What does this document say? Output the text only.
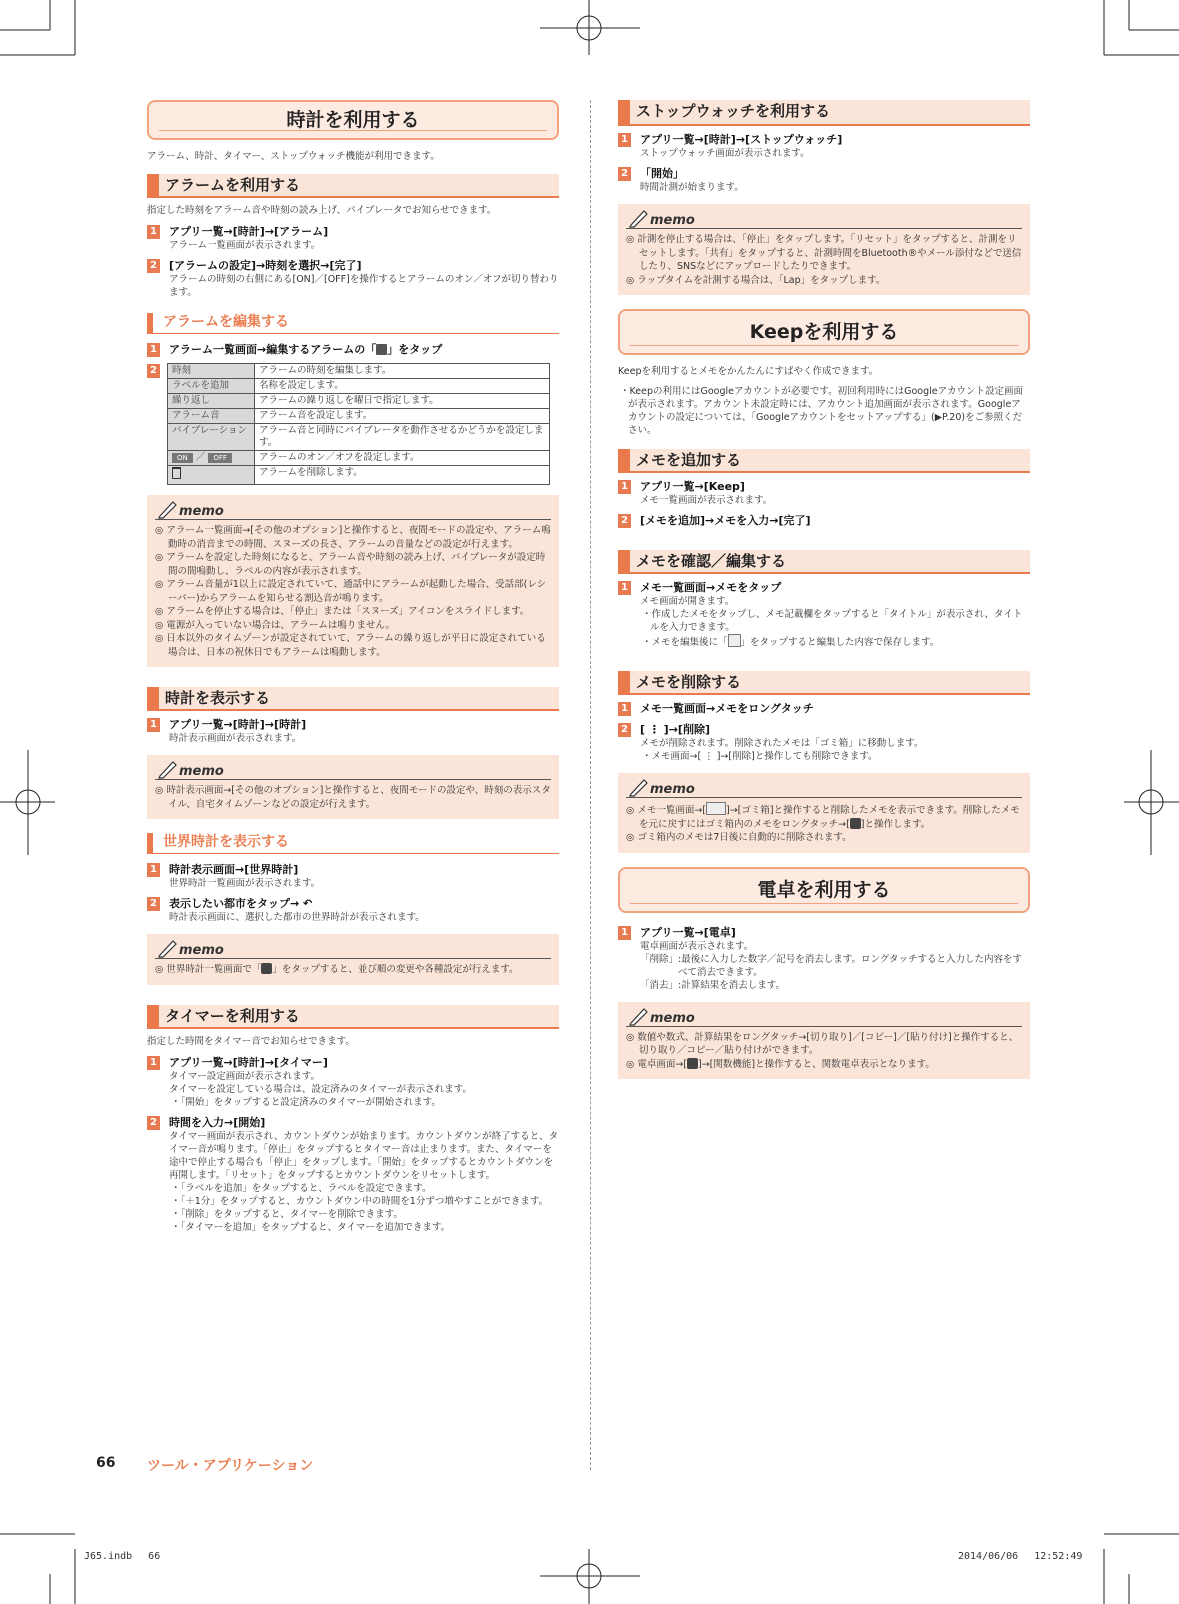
時計を利用する
アラーム、時計、タイマー、ストップウォッチ機能が利用できます。
アラームを利用する
指定した時刻をアラーム音や時刻の読み上げ、バイブレータでお知らせできます。
1 アプリ一覧→[時計]→[アラーム]
アラーム一覧画面が表示されます。
2 [アラームの設定]→時刻を選択→[完了]
アラームの時刻の右側にある[ON]／[OFF]を操作するとアラームのオン／オフが切り替わります。
アラームを編集する
1 アラーム一覧画面→編集するアラームの「 」をタップ
2	時刻	アラームの時刻を編集します。
ラベルを追加	名称を設定します。
繰り返し	アラームの繰り返しを曜日で指定します。
アラーム音	アラーム音を設定します。
バイブレーション	アラーム音と同時にバイブレータを動作させるかどうかを設定します。
ON ／ OFF	アラームのオン／オフを設定します。
	アラームを削除します。
memo
◎ アラーム一覧画面→[その他のオプション]と操作すると、夜間モードの設定や、アラーム鳴動時の消音までの時間、スヌーズの長さ、アラームの音量などの設定が行えます。
◎ アラームを設定した時刻になると、アラーム音や時刻の読み上げ、バイブレータが設定時間の間鳴動し、ラベルの内容が表示されます。
◎ アラーム音量が1以上に設定されていて、通話中にアラームが起動した場合、受話部(レシーバー)からアラームを知らせる割込音が鳴ります。
◎ アラームを停止する場合は、「停止」または「スヌーズ」アイコンをスライドします。
◎ 電源が入っていない場合は、アラームは鳴りません。
◎ 日本以外のタイムゾーンが設定されていて、アラームの繰り返しが平日に設定されている場合は、日本の祝休日でもアラームは鳴動します。
時計を表示する
1 アプリ一覧→[時計]→[時計]
時計表示画面が表示されます。
memo
◎ 時計表示画面→[その他のオプション]と操作すると、夜間モードの設定や、時刻の表示スタイル、自宅タイムゾーンなどの設定が行えます。
世界時計を表示する
1 時計表示画面→[世界時計]
世界時計一覧画面が表示されます。
2 表示したい都市をタップ→ ↶
時計表示画面に、選択した都市の世界時計が表示されます。
memo
◎ 世界時計一覧画面で「 」をタップすると、並び順の変更や各種設定が行えます。
タイマーを利用する
指定した時間をタイマー音でお知らせできます。
1 アプリ一覧→[時計]→[タイマー]
タイマー設定画面が表示されます。
タイマーを設定している場合は、設定済みのタイマーが表示されます。
・「開始」をタップすると設定済みのタイマーが開始されます。
2 時間を入力→[開始]
タイマー画面が表示され、カウントダウンが始まります。カウントダウンが終了すると、タイマー音が鳴ります。「停止」をタップするとタイマー音は止まります。また、タイマーを途中で停止する場合も「停止」をタップします。「開始」をタップするとカウントダウンを再開します。「リセット」をタップするとカウントダウンをリセットします。
・「ラベルを追加」をタップすると、ラベルを設定できます。
・「＋1分」をタップすると、カウントダウン中の時間を1分ずつ増やすことができます。
・「削除」をタップすると、タイマーを削除できます。
・「タイマーを追加」をタップすると、タイマーを追加できます。
ストップウォッチを利用する
1 アプリ一覧→[時計]→[ストップウォッチ]
ストップウォッチ画面が表示されます。
2 「開始」
時間計測が始まります。
memo
◎ 計測を停止する場合は、「停止」をタップします。「リセット」をタップすると、計測をリセットします。「共有」をタップすると、計測時間をBluetooth®やメール添付などで送信したり、SNSなどにアップロードしたりできます。
◎ ラップタイムを計測する場合は、「Lap」をタップします。
Keepを利用する
Keepを利用するとメモをかんたんにすばやく作成できます。
・Keepの利用にはGoogleアカウントが必要です。初回利用時にはGoogleアカウント設定画面が表示されます。アカウント未設定時には、アカウント追加画面が表示されます。Googleアカウントの設定については、「Googleアカウントをセットアップする」(▶P.20)をご参照ください。
メモを追加する
1 アプリ一覧→[Keep]
メモ一覧画面が表示されます。
2 [メモを追加]→メモを入力→[完了]
メモを確認／編集する
1 メモ一覧画面→メモをタップ
メモ画面が開きます。
・作成したメモをタップし、メモ記載欄をタップすると「タイトル」が表示され、タイトルを入力できます。
・メモを編集後に「 」をタップすると編集した内容で保存します。
メモを削除する
1 メモ一覧画面→メモをロングタッチ
2 [ ⋮ ]→[削除]
メモが削除されます。削除されたメモは「ゴミ箱」に移動します。
・メモ画面→[ ⋮ ]→[削除]と操作しても削除できます。
memo
◎ メモ一覧画面→[ ]→[ゴミ箱]と操作すると削除したメモを表示できます。削除したメモを元に戻すにはゴミ箱内のメモをロングタッチ→[ ]と操作します。
◎ ゴミ箱内のメモは7日後に自動的に削除されます。
電卓を利用する
1 アプリ一覧→[電卓]
電卓画面が表示されます。
「削除」:最後に入力した数字／記号を消去します。ロングタッチすると入力した内容をすべて消去できます。
「消去」:計算結果を消去します。
memo
◎ 数値や数式、計算結果をロングタッチ→[切り取り]／[コピー]／[貼り付け]と操作すると、切り取り／コピー／貼り付けができます。
◎ 電卓画面→[ ]→[関数機能]と操作すると、関数電卓表示となります。
66 ツール・アプリケーション
J65.indb　 66	2014/06/06　 12:52:49
